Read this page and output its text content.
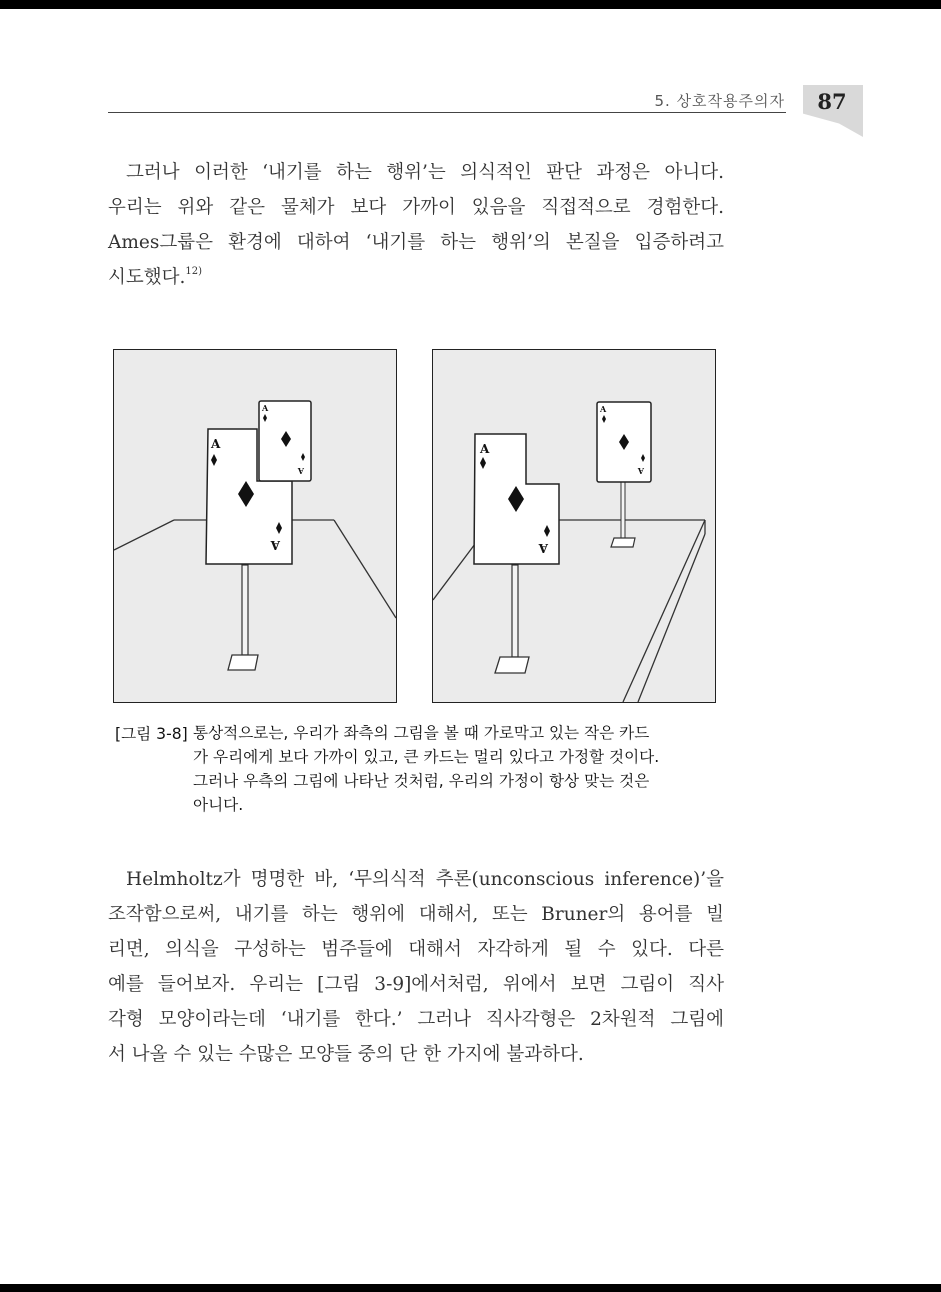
5. 상호작용주의자	87
그러나 이러한 ‘내기를 하는 행위’는 의식적인 판단 과정은 아니다.
우리는 위와 같은 물체가 보다 가까이 있음을 직접적으로 경험한다.
Ames그룹은 환경에 대하여 ‘내기를 하는 행위’의 본질을 입증하려고
시도했다.$^{12)}$
A
A
A
A
A
A
A
A
[그림 3-8] 통상적으로는, 우리가 좌측의 그림을 볼 때 가로막고 있는 작은 카드
가 우리에게 보다 가까이 있고, 큰 카드는 멀리 있다고 가정할 것이다.
그러나 우측의 그림에 나타난 것처럼, 우리의 가정이 항상 맞는 것은
아니다.
Helmholtz가 명명한 바, ‘무의식적 추론(unconscious inference)’을
조작함으로써, 내기를 하는 행위에 대해서, 또는 Bruner의 용어를 빌
리면, 의식을 구성하는 범주들에 대해서 자각하게 될 수 있다. 다른
예를 들어보자. 우리는 [그림 3-9]에서처럼, 위에서 보면 그림이 직사
각형 모양이라는데 ‘내기를 한다.’ 그러나 직사각형은 2차원적 그림에
서 나올 수 있는 수많은 모양들 중의 단 한 가지에 불과하다.
